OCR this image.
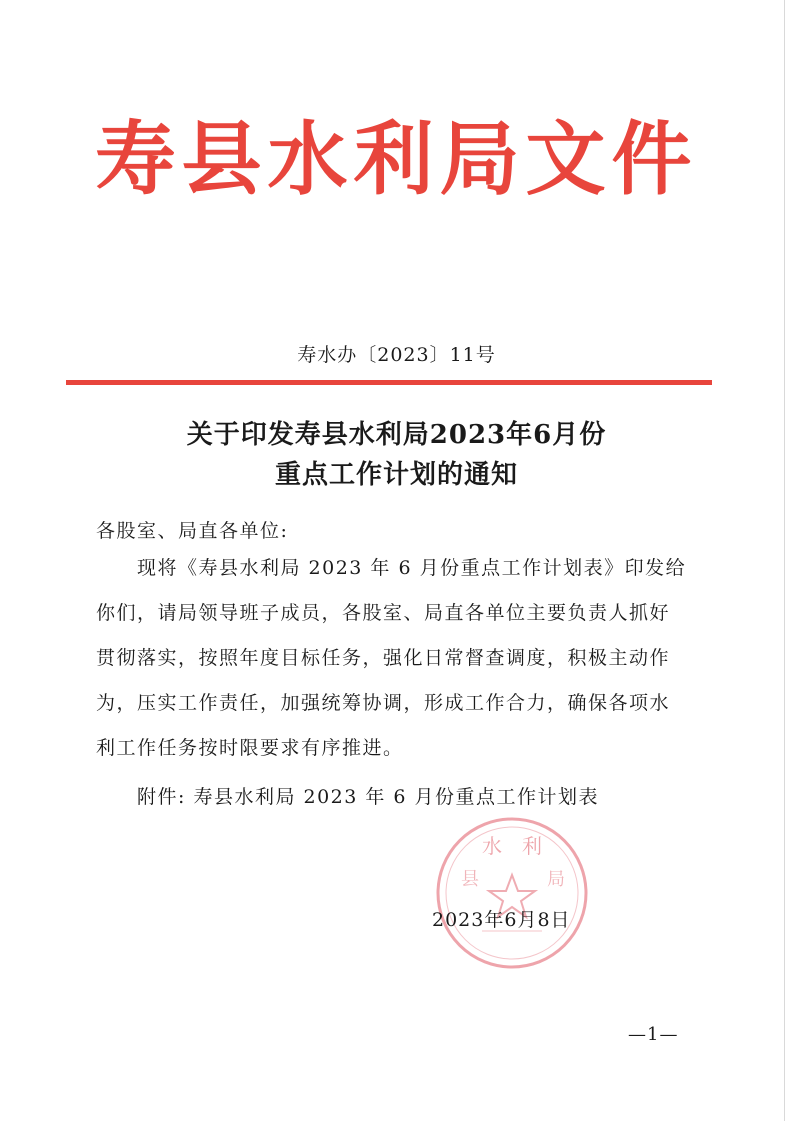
寿县水利局文件
寿水办〔2023〕11号
关于印发寿县水利局2023年6月份
重点工作计划的通知
各股室、局直各单位:
现将《寿县水利局 2023 年 6 月份重点工作计划表》印发给
你们，请局领导班子成员，各股室、局直各单位主要负责人抓好
贯彻落实，按照年度目标任务，强化日常督查调度，积极主动作
为，压实工作责任，加强统筹协调，形成工作合力，确保各项水
利工作任务按时限要求有序推进。
附件: 寿县水利局 2023 年 6 月份重点工作计划表
水　利
县	局
2023年6月8日
—1—
